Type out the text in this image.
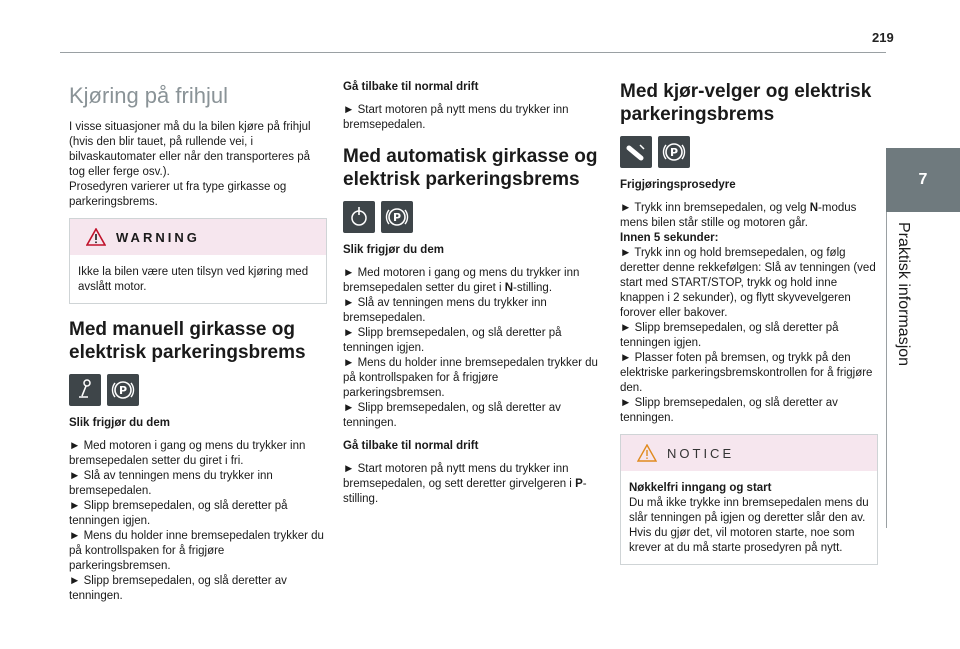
219
7
Praktisk informasjon
Kjøring på frihjul

I visse situasjoner må du la bilen kjøre på frihjul (hvis den blir tauet, på rullende vei, i bilvaskautomater eller når den transporteres på tog eller ferge osv.).
Prosedyren varierer ut fra type girkasse og parkeringsbrems.

WARNING
Ikke la bilen være uten tilsyn ved kjøring med avslått motor.
Med manuell girkasse og elektrisk parkeringsbrems
P
Slik frigjør du dem

► Med motoren i gang og mens du trykker inn bremsepedalen setter du giret i fri.
► Slå av tenningen mens du trykker inn bremsepedalen.
► Slipp bremsepedalen, og slå deretter på tenningen igjen.
► Mens du holder inne bremsepedalen trykker du på kontrollspaken for å frigjøre parkeringsbremsen.
► Slipp bremsepedalen, og slå deretter av tenningen.

Gå tilbake til normal drift

► Start motoren på nytt mens du trykker inn bremsepedalen.

Med automatisk girkasse og elektrisk parkeringsbrems
P
Slik frigjør du dem

► Med motoren i gang og mens du trykker inn bremsepedalen setter du giret i N-stilling.
► Slå av tenningen mens du trykker inn bremsepedalen.
► Slipp bremsepedalen, og slå deretter på tenningen igjen.
► Mens du holder inne bremsepedalen trykker du på kontrollspaken for å frigjøre parkeringsbremsen.
► Slipp bremsepedalen, og slå deretter av tenningen.

Gå tilbake til normal drift

► Start motoren på nytt mens du trykker inn bremsepedalen, og sett deretter girvelgeren i P-stilling.

Med kjør-velger og elektrisk parkeringsbrems
P
Frigjøringsprosedyre

► Trykk inn bremsepedalen, og velg N-modus mens bilen står stille og motoren går.
Innen 5 sekunder:
► Trykk inn og hold bremsepedalen, og følg deretter denne rekkefølgen: Slå av tenningen (ved start med START/STOP, trykk og hold inne knappen i 2 sekunder), og flytt skyvevelgeren forover eller bakover.
► Slipp bremsepedalen, og slå deretter på tenningen igjen.
► Plasser foten på bremsen, og trykk på den elektriske parkeringsbremskontrollen for å frigjøre den.
► Slipp bremsepedalen, og slå deretter av tenningen.

NOTICE
Nøkkelfri inngang og start
Du må ikke trykke inn bremsepedalen mens du slår tenningen på igjen og deretter slår den av. Hvis du gjør det, vil motoren starte, noe som krever at du må starte prosedyren på nytt.
